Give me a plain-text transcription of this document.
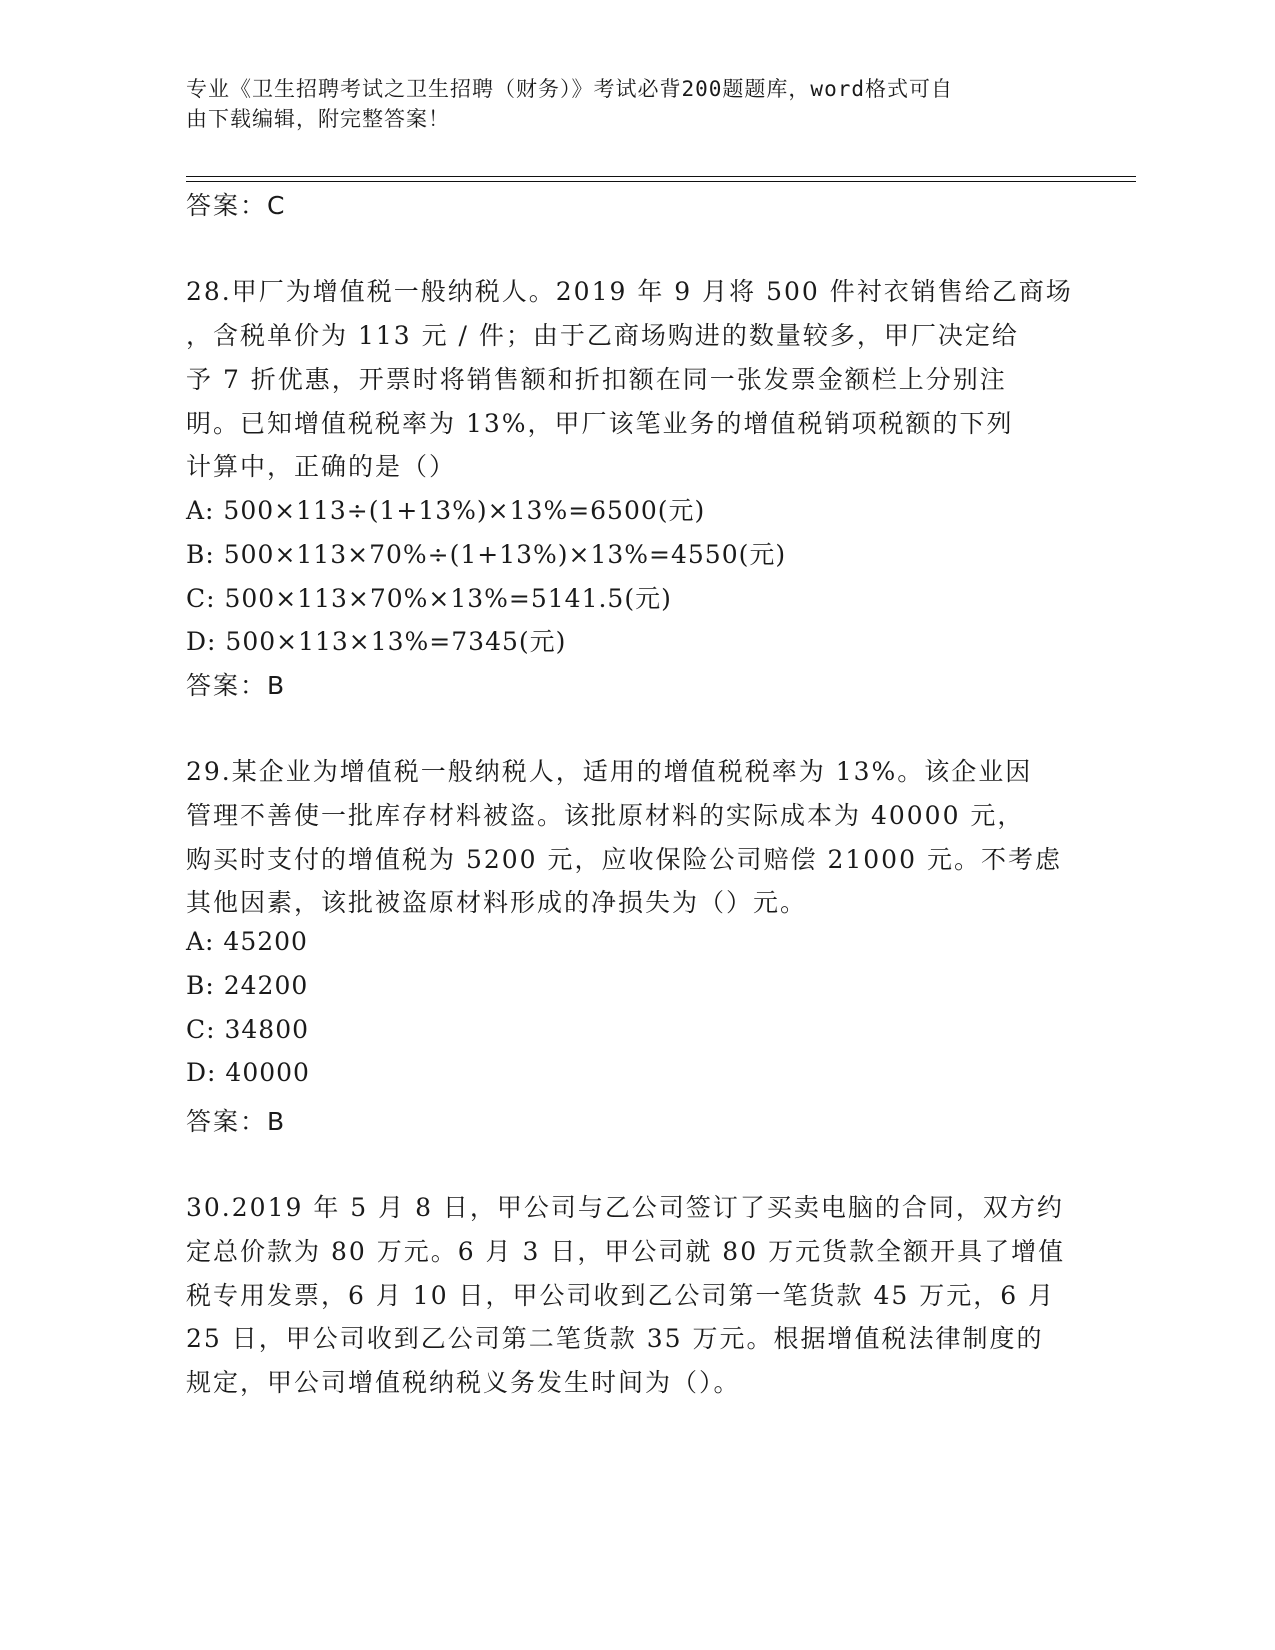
专业《卫生招聘考试之卫生招聘（财务）》考试必背200题题库，word格式可自
由下载编辑，附完整答案！
答案：C
28.甲厂为增值税一般纳税人。2019 年 9 月将 500 件衬衣销售给乙商场
，含税单价为 113 元 / 件；由于乙商场购进的数量较多，甲厂决定给
予 7 折优惠，开票时将销售额和折扣额在同一张发票金额栏上分别注
明。已知增值税税率为 13%，甲厂该笔业务的增值税销项税额的下列
计算中，正确的是（）
A: 500×113÷(1+13%)×13%=6500(元)
B: 500×113×70%÷(1+13%)×13%=4550(元)
C: 500×113×70%×13%=5141.5(元)
D: 500×113×13%=7345(元)
答案：B
29.某企业为增值税一般纳税人，适用的增值税税率为 13%。该企业因
管理不善使一批库存材料被盗。该批原材料的实际成本为 40000 元，
购买时支付的增值税为 5200 元，应收保险公司赔偿 21000 元。不考虑
其他因素，该批被盗原材料形成的净损失为（）元。
A: 45200
B: 24200
C: 34800
D: 40000
答案：B
30.2019 年 5 月 8 日，甲公司与乙公司签订了买卖电脑的合同，双方约
定总价款为 80 万元。6 月 3 日，甲公司就 80 万元货款全额开具了增值
税专用发票，6 月 10 日，甲公司收到乙公司第一笔货款 45 万元，6 月
25 日，甲公司收到乙公司第二笔货款 35 万元。根据增值税法律制度的
规定，甲公司增值税纳税义务发生时间为（）。
